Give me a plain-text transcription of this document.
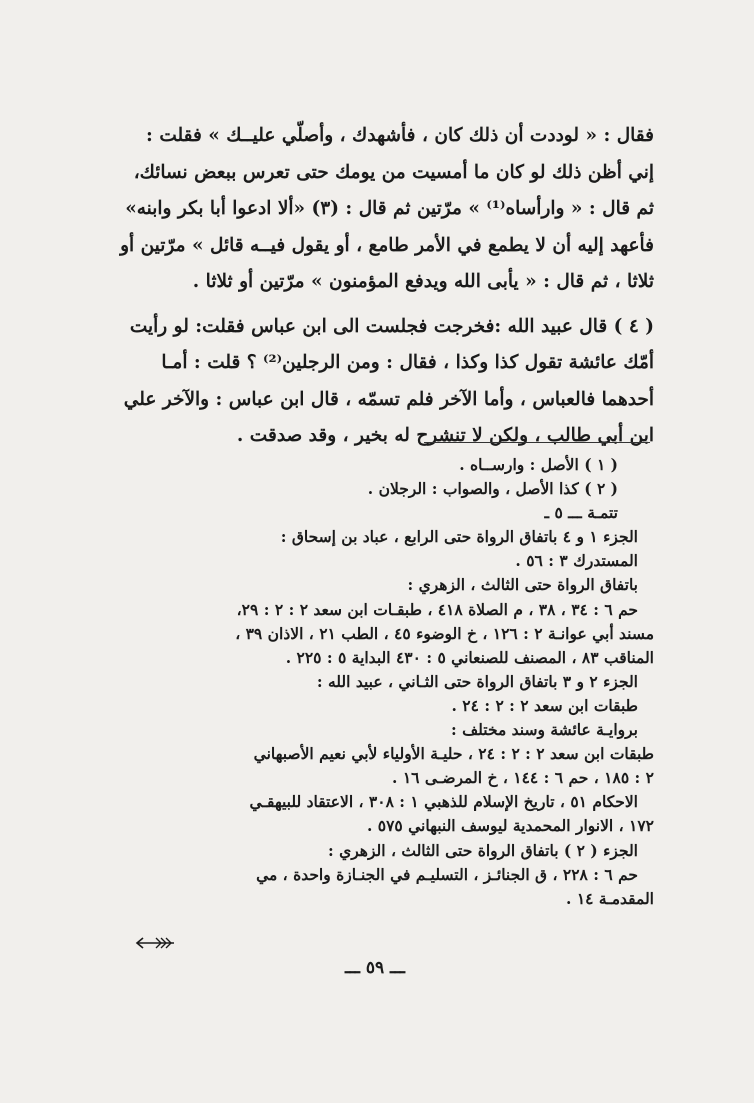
فقال : « لوددت أن ذلك كان ، فأشهدك ، وأصلّي عليــك » فقلت :
إني أظن ذلك لو كان ما أمسيت من يومك حتى تعرس ببعض نسائك،
ثم قال : « وارأساه⁽¹⁾ » مرّتين ثم قال : (٣) «ألا ادعوا أبا بكر وابنه»
فأعهد إليه أن لا يطمع في الأمر طامع ، أو يقول فيــه قائل » مرّتين أو
ثلاثا ، ثم قال : « يأبى الله ويدفع المؤمنون » مرّتين أو ثلاثا .
( ٤ ) قال عبيد الله :فخرجت فجلست الى ابن عباس فقلت: لو رأيت
أمّك عائشة تقول كذا وكذا ، فقال : ومن الرجلين⁽²⁾ ؟ قلت : أمـا
أحدهما فالعباس ، وأما الآخر فلم تسمّه ، قال ابن عباس : والآخر علي
ابن أبي طالب ، ولكن لا تنشرح له بخير ، وقد صدقت .
( ١ ) الأصل : وارســاه .
( ٢ ) كذا الأصل ، والصواب : الرجلان .
تتمـة ـــ ٥ ـ
الجزء ١ و ٤ باتفاق الرواة حتى الرابع ، عباد بن إسحاق :
المستدرك ٣ : ٥٦ .
باتفاق الرواة حتى الثالث ، الزهري :
حم ٦ : ٣٤ ، ٣٨ ، م الصلاة ٤١٨ ، طبقـات ابن سعد ٢ : ٢ : ٢٩،
مسند أبي عوانـة ٢ : ١٢٦ ، خ الوضوء ٤٥ ، الطب ٢١ ، الاذان ٣٩ ،
المناقب ٨٣ ، المصنف للصنعاني ٥ : ٤٣٠ البداية ٥ : ٢٢٥ .
الجزء ٢ و ٣ باتفاق الرواة حتى الثـاني ، عبيد الله :
طبقات ابن سعد ٢ : ٢ : ٢٤ .
بروايـة عائشة وسند مختلف :
طبقات ابن سعد ٢ : ٢ : ٢٤ ، حليـة الأولياء لأبي نعيم الأصبهاني
٢ : ١٨٥ ، حم ٦ : ١٤٤ ، خ المرضـى ١٦ .
الاحكام ٥١ ، تاريخ الإسلام للذهبي ١ : ٣٠٨ ، الاعتقاد للبيهقـي
١٧٢ ، الانوار المحمدية ليوسف النبهاني ٥٧٥ .
الجزء ( ٢ ) باتفاق الرواة حتى الثالث ، الزهري :
حم ٦ : ٢٢٨ ، ق الجنائـز ، التسليـم في الجنـازة واحدة ، مي
المقدمـة ١٤ .
ـــ ٥٩ ـــ
